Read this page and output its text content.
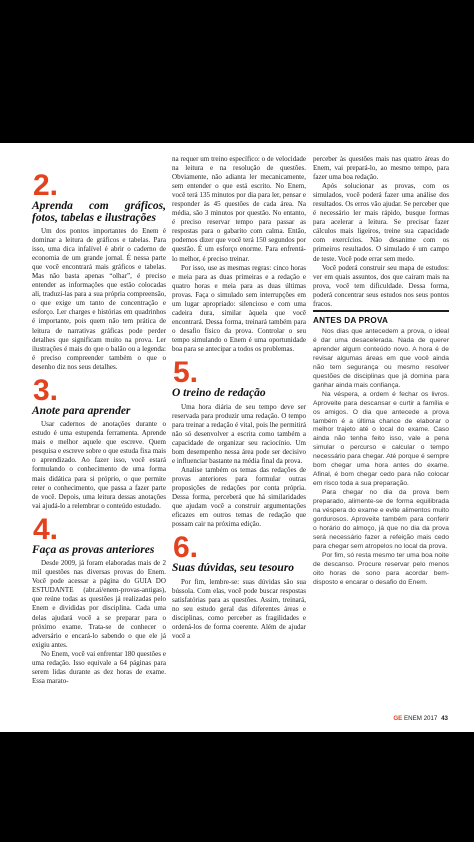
2.
Aprenda com gráficos, fotos, tabelas e ilustrações

Um dos pontos importantes do Enem é dominar a leitura de gráficos e tabelas. Para isso, uma dica infalível é abrir o caderno de economia de um grande jornal. É nessa parte que você encontrará mais gráficos e tabelas. Mas não basta apenas “olhar”, é preciso entender as informações que estão colocadas ali, traduzi-las para a sua própria compreensão, o que exige um tanto de concentração e esforço. Ler charges e histórias em quadrinhos é importante, pois quem não tem prática de leitura de narrativas gráficas pode perder detalhes que significam muito na prova. Ler ilustrações é mais do que o balão ou a legenda: é preciso compreender também o que o desenho diz nos seus detalhes.

3.
Anote para aprender

Usar cadernos de anotações durante o estudo é uma estupenda ferramenta. Aprende mais e melhor aquele que escreve. Quem pesquisa e escreve sobre o que estuda fixa mais o aprendizado. Ao fazer isso, você estará formulando o conhecimento de uma forma mais didática para si próprio, o que permite reter o conhecimento, que passa a fazer parte de você. Depois, uma leitura dessas anotações vai ajudá-lo a relembrar o conteúdo estudado.

4.
Faça as provas anteriores

Desde 2009, já foram elaboradas mais de 2 mil questões nas diversas provas do Enem. Você pode acessar a página do GUIA DO ESTUDANTE (abr.ai/enem-provas-antigas), que reúne todas as questões já realizadas pelo Enem e divididas por disciplina. Cada uma delas ajudará você a se preparar para o próximo exame. Trata-se de conhecer o adversário e encará-lo sabendo o que ele já exigiu antes.

No Enem, você vai enfrentar 180 questões e uma redação. Isso equivale a 64 páginas para serem lidas durante as dez horas de exame. Essa marato-

na requer um treino específico: o de velocidade na leitura e na resolução de questões. Obviamente, não adianta ler mecanicamente, sem entender o que está escrito. No Enem, você terá 135 minutos por dia para ler, pensar e responder às 45 questões de cada área. Na média, são 3 minutos por questão. No entanto, é preciso reservar tempo para passar as respostas para o gabarito com calma. Então, podemos dizer que você terá 150 segundos por questão. É um esforço enorme. Para enfrentá-lo melhor, é preciso treinar.

Por isso, use as mesmas regras: cinco horas e meia para as duas primeiras e a redação e quatro horas e meia para as duas últimas provas. Faça o simulado sem interrupções em um lugar apropriado: silencioso e com uma cadeira dura, similar àquela que você encontrará. Dessa forma, treinará também para o desafio físico da prova. Controlar o seu tempo simulando o Enem é uma oportunidade boa para se antecipar a todos os problemas.

5.
O treino de redação

Uma hora diária de seu tempo deve ser reservada para produzir uma redação. O tempo para treinar a redação é vital, pois lhe permitirá não só desenvolver a escrita como também a capacidade de organizar seu raciocínio. Um bom desempenho nessa área pode ser decisivo e influenciar bastante na média final da prova.

Analise também os temas das redações de provas anteriores para formular outras proposições de redações por conta própria. Dessa forma, perceberá que há similaridades que ajudam você a construir argumentações eficazes em outros temas de redação que possam cair na próxima edição.

6.
Suas dúvidas, seu tesouro

Por fim, lembre-se: suas dúvidas são sua bússola. Com elas, você pode buscar respostas satisfatórias para as questões. Assim, treinará, no seu estudo geral das diferentes áreas e disciplinas, como perceber as fragilidades e ordená-los de forma coerente. Além de ajudar você a

perceber às questões mais nas quatro áreas do Enem, vai prepará-lo, ao mesmo tempo, para fazer uma boa redação.

Após solucionar as provas, com os simulados, você poderá fazer uma análise dos resultados. Os erros vão ajudar. Se perceber que é necessário ler mais rápido, busque formas para acelerar a leitura. Se precisar fazer cálculos mais ligeiros, treine sua capacidade com exercícios. Não desanime com os primeiros resultados. O simulado é um campo de teste. Você pode errar sem medo.

Você poderá construir seu mapa de estudos: ver em quais assuntos, dos que cairam mais na prova, você tem dificuldade. Dessa forma, poderá concentrar seus estudos nos seus pontos fracos.

ANTES DA PROVA

Nos dias que antecedem a prova, o ideal é dar uma desacelerada. Nada de querer aprender algum conteúdo novo. A hora é de revisar algumas áreas em que você ainda não tem segurança ou mesmo resolver questões de disciplinas que já domina para ganhar ainda mais confiança.

Na véspera, a ordem é fechar os livros. Aproveite para descansar e curtir a família e os amigos. O dia que antecede a prova também é a última chance de elaborar o melhor trajeto até o local do exame. Caso ainda não tenha feito isso, vale a pena simular o percurso e calcular o tempo necessário para chegar. Até porque é sempre bom chegar uma hora antes do exame. Afinal, é bom chegar cedo para não colocar em risco toda a sua preparação.

Para chegar no dia da prova bem preparado, alimente-se de forma equilibrada na véspera do exame e evite alimentos muito gordurosos. Aproveite também para conferir o horário do almoço, já que no dia da prova será necessário fazer a refeição mais cedo para chegar sem atropelos no local da prova.

Por fim, só resta mesmo ter uma boa noite de descanso. Procure reservar pelo menos oito horas de sono para acordar bem-disposto e encarar o desafio do Enem.

GE ENEM 2017 43
